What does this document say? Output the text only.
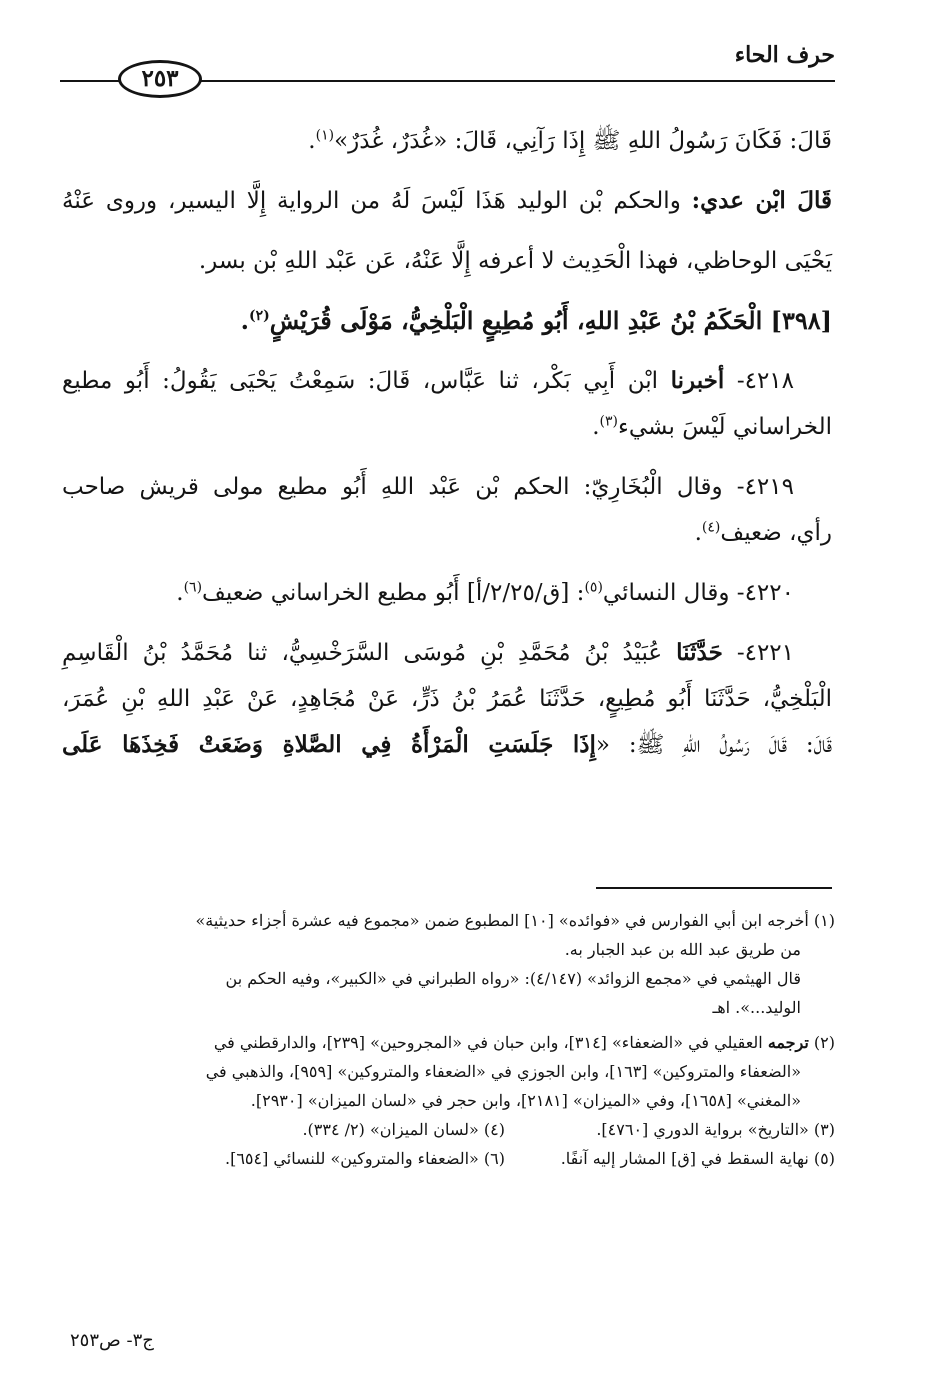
حرف الحاء
٢٥٣
قَالَ: فَكَانَ رَسُولُ اللهِ ﷺ إِذَا رَآنِي، قَالَ: «غُدَرٌ، غُدَرٌ»$^{(١)}$.
قَالَ ابْن عدي: والحكم بْن الوليد هَذَا لَيْسَ لَهُ من الرواية إِلَّا اليسير، وروى عَنْهُ
يَحْيَى الوحاظي، فهذا الْحَدِيث لا أعرفه إِلَّا عَنْهُ، عَن عَبْد اللهِ بْن بسر.
[٣٩٨] الْحَكَمُ بْنُ عَبْدِ اللهِ، أَبُو مُطِيعٍ الْبَلْخِيُّ، مَوْلَى قُرَيْشٍ$^{(٢)}$.
٤٢١٨- أخبرنا ابْن أَبِي بَكْر، ثنا عَبَّاس، قَالَ: سَمِعْتُ يَحْيَى يَقُولُ: أَبُو مطيع
الخراساني لَيْسَ بشيء$^{(٣)}$.
٤٢١٩- وقال الْبُخَارِيّ: الحكم بْن عَبْد اللهِ أَبُو مطيع مولى قريش صاحب
رأي، ضعيف$^{(٤)}$.
٤٢٢٠- وقال النسائي$^{(٥)}$: [ق/٢/٢٥/أ] أَبُو مطيع الخراساني ضعيف$^{(٦)}$.
٤٢٢١- حَدَّثَنَا عُبَيْدُ بْنُ مُحَمَّدِ بْنِ مُوسَى السَّرَخْسِيُّ، ثنا مُحَمَّدُ بْنُ الْقَاسِمِ
الْبَلْخِيُّ، حَدَّثَنَا أَبُو مُطِيعٍ، حَدَّثَنَا عُمَرُ بْنُ ذَرٍّ، عَنْ مُجَاهِدٍ، عَنْ عَبْدِ اللهِ بْنِ عُمَرَ،
قَالَ: قَالَ رَسُولُ اللهِ ﷺ: «إِذَا جَلَسَتِ الْمَرْأَةُ فِي الصَّلاةِ وَضَعَتْ فَخِذَهَا عَلَى
(١) أخرجه ابن أبي الفوارس في «فوائده» [١٠] المطبوع ضمن «مجموع فيه عشرة أجزاء حديثية»
من طريق عبد الله بن عبد الجبار به.
قال الهيثمي في «مجمع الزوائد» (٤/١٤٧): «رواه الطبراني في «الكبير»، وفيه الحكم بن
الوليد...». اهـ
(٢) ترجمه العقيلي في «الضعفاء» [٣١٤]، وابن حبان في «المجروحين» [٢٣٩]، والدارقطني في
«الضعفاء والمتروكين» [١٦٣]، وابن الجوزي في «الضعفاء والمتروكين» [٩٥٩]، والذهبي في
«المغني» [١٦٥٨]، وفي «الميزان» [٢١٨١]، وابن حجر في «لسان الميزان» [٢٩٣٠].
(٣) «التاريخ» برواية الدوري [٤٧٦٠].
(٤) «لسان الميزان» (٢/ ٣٣٤).
(٥) نهاية السقط في [ق] المشار إليه آنفًا.
(٦) «الضعفاء والمتروكين» للنسائي [٦٥٤].
ج٣- ص٢٥٣
